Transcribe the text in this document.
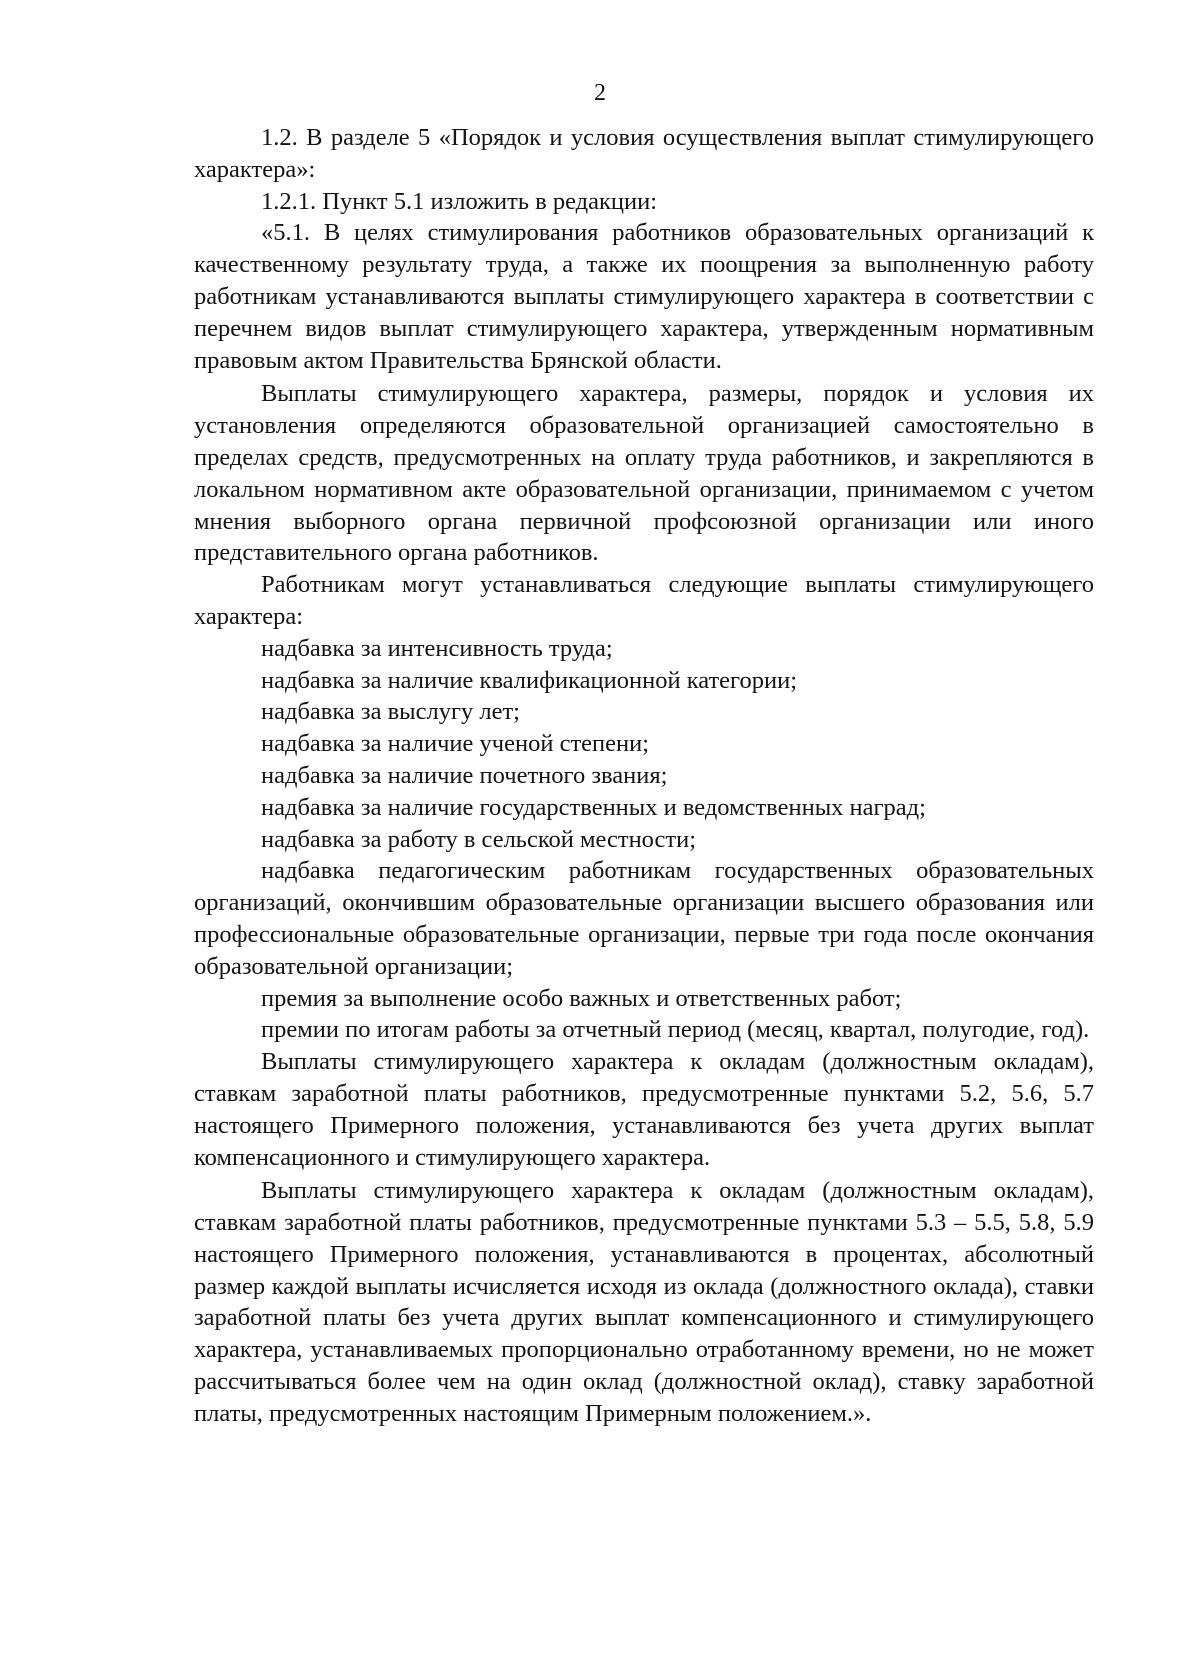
2

1.2. В разделе 5 «Порядок и условия осуществления выплат стимулирующего характера»:

1.2.1. Пункт 5.1 изложить в редакции:

«5.1. В целях стимулирования работников образовательных организаций к качественному результату труда, а также их поощрения за выполненную работу работникам устанавливаются выплаты стимулирующего характера в соответствии с перечнем видов выплат стимулирующего характера, утвержденным нормативным правовым актом Правительства Брянской области.

Выплаты стимулирующего характера, размеры, порядок и условия их установления определяются образовательной организацией самостоятельно в пределах средств, предусмотренных на оплату труда работников, и закрепляются в локальном нормативном акте образовательной организации, принимаемом с учетом мнения выборного органа первичной профсоюзной организации или иного представительного органа работников.

Работникам могут устанавливаться следующие выплаты стимулирующего характера:

надбавка за интенсивность труда;
надбавка за наличие квалификационной категории;
надбавка за выслугу лет;
надбавка за наличие ученой степени;
надбавка за наличие почетного звания;
надбавка за наличие государственных и ведомственных наград;
надбавка за работу в сельской местности;
надбавка педагогическим работникам государственных образовательных организаций, окончившим образовательные организации высшего образования или профессиональные образовательные организации, первые три года после окончания образовательной организации;
премия за выполнение особо важных и ответственных работ;
премии по итогам работы за отчетный период (месяц, квартал, полугодие, год).

Выплаты стимулирующего характера к окладам (должностным окладам), ставкам заработной платы работников, предусмотренные пунктами 5.2, 5.6, 5.7 настоящего Примерного положения, устанавливаются без учета других выплат компенсационного и стимулирующего характера.

Выплаты стимулирующего характера к окладам (должностным окладам), ставкам заработной платы работников, предусмотренные пунктами 5.3 – 5.5, 5.8, 5.9 настоящего Примерного положения, устанавливаются в процентах, абсолютный размер каждой выплаты исчисляется исходя из оклада (должностного оклада), ставки заработной платы без учета других выплат компенсационного и стимулирующего характера, устанавливаемых пропорционально отработанному времени, но не может рассчитываться более чем на один оклад (должностной оклад), ставку заработной платы, предусмотренных настоящим Примерным положением.».
